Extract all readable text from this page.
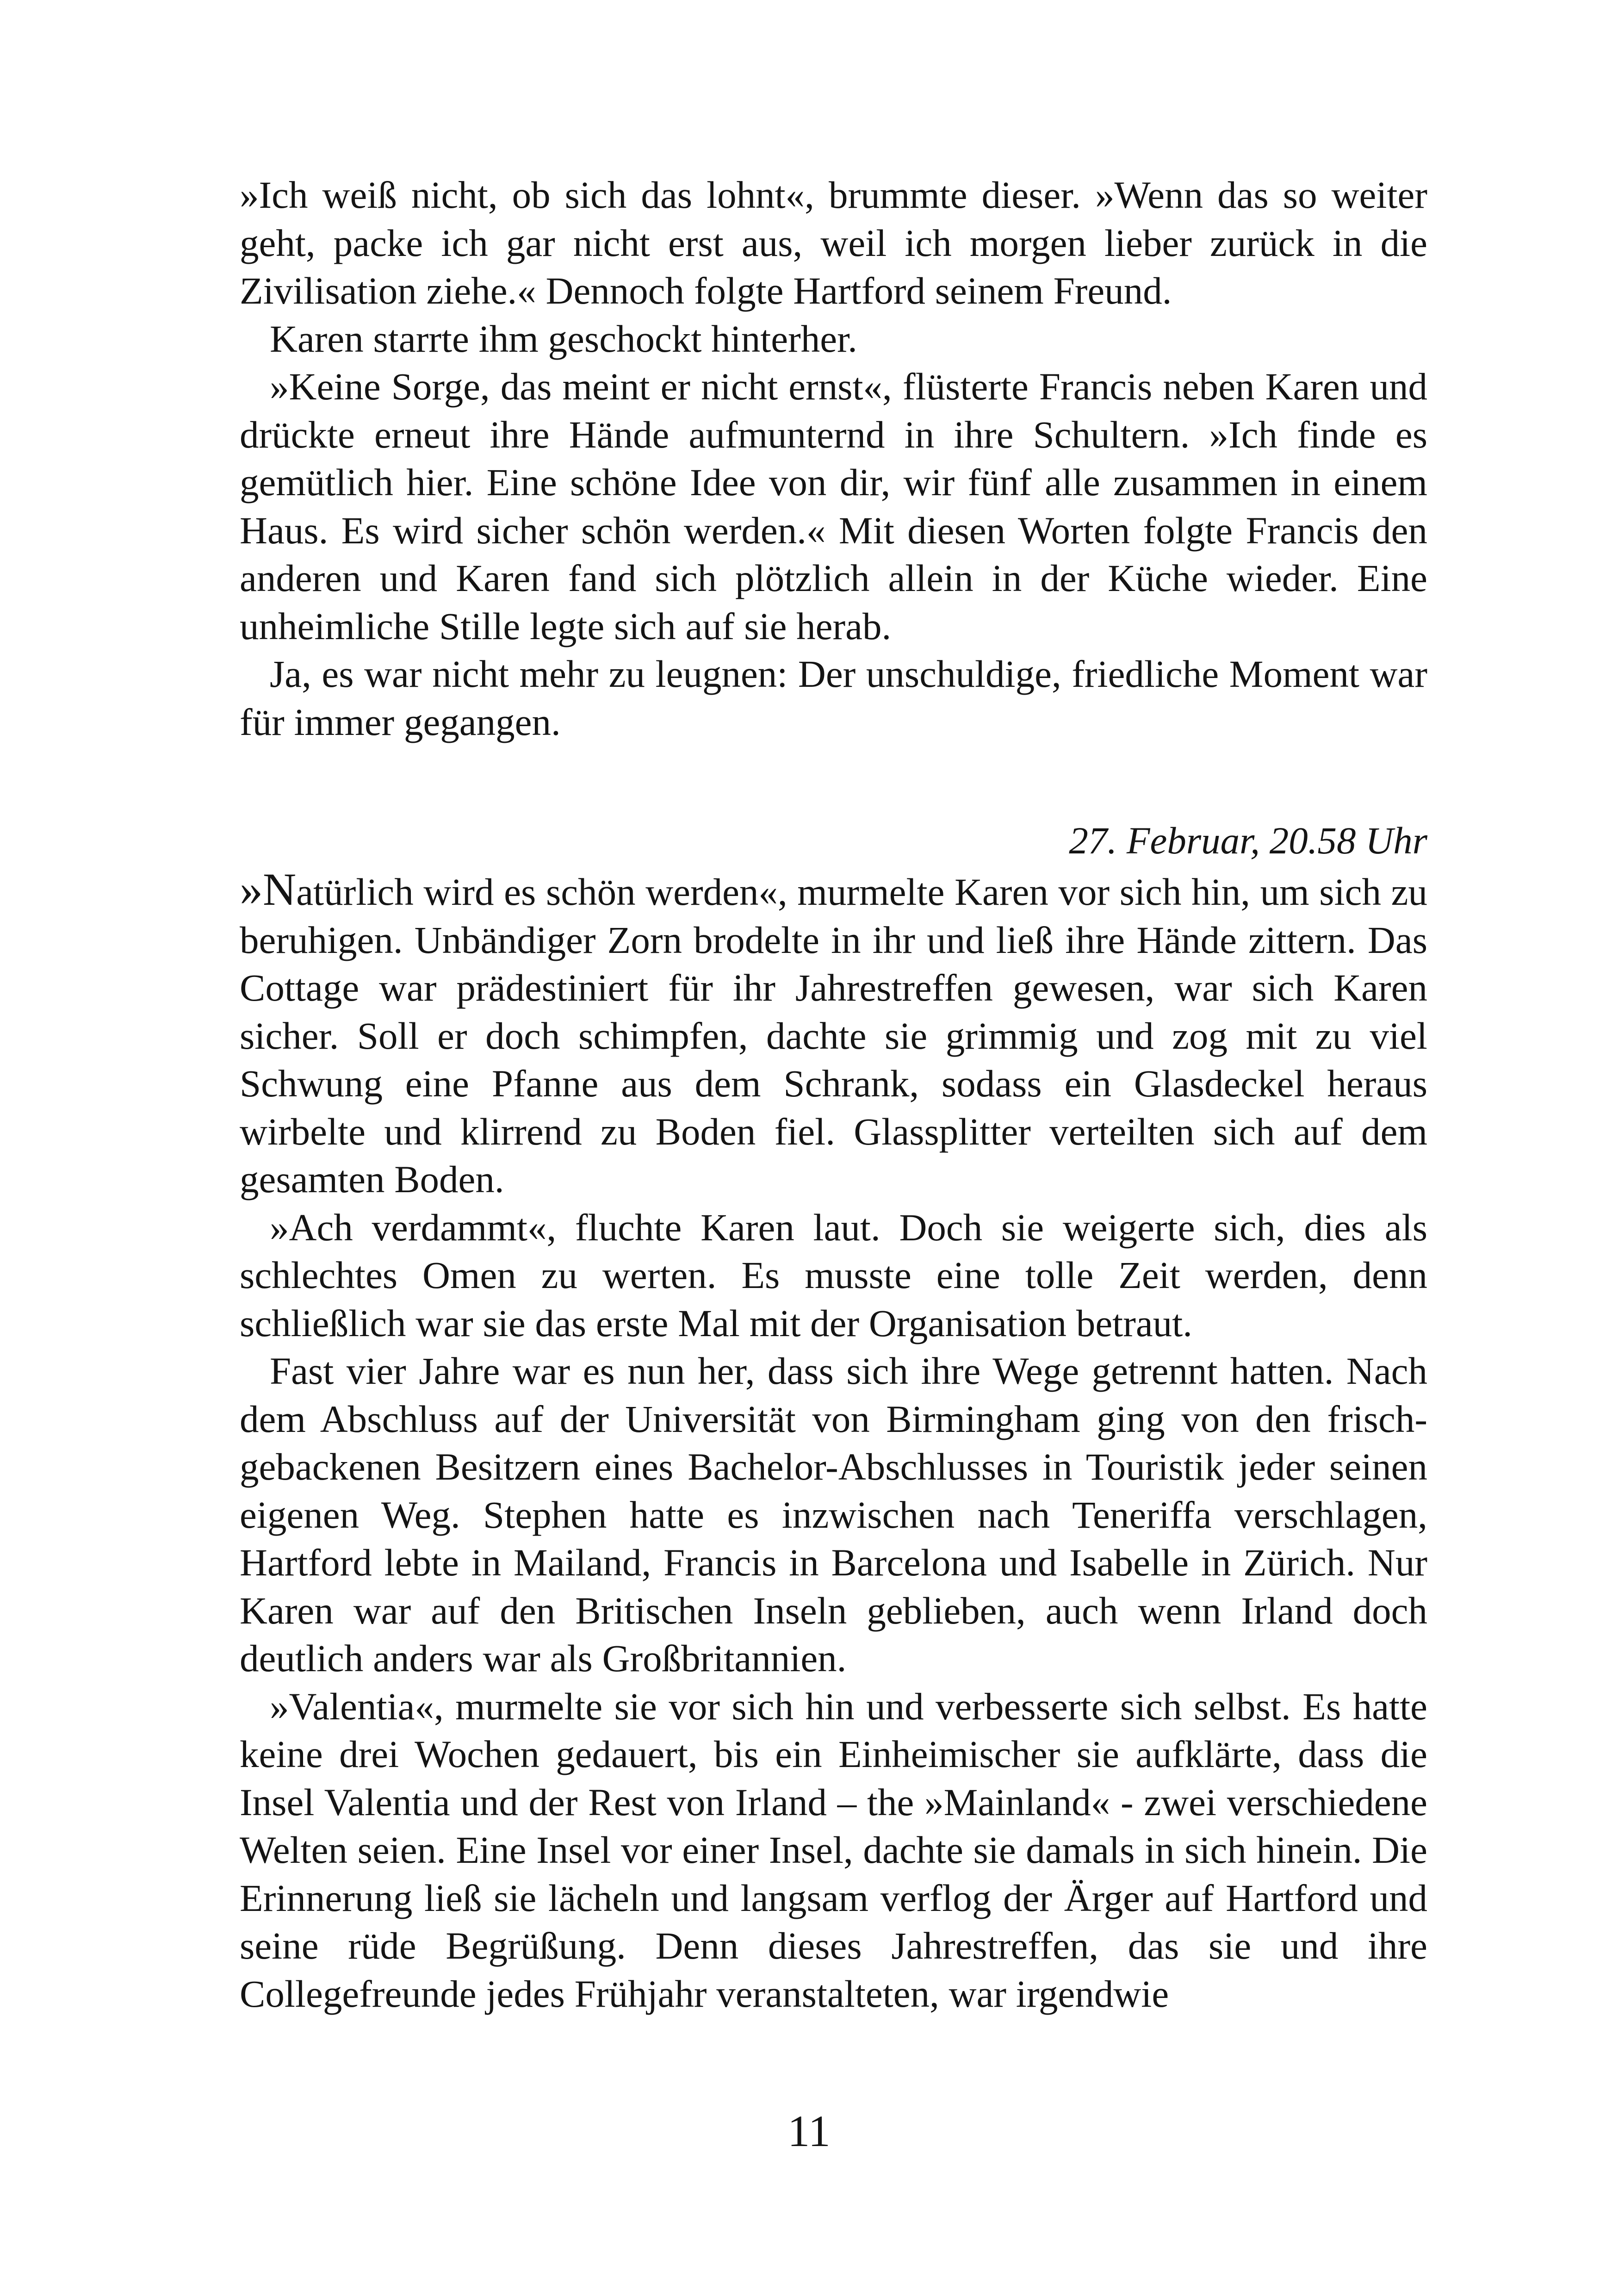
»Ich weiß nicht, ob sich das lohnt«, brummte dieser. »Wenn das so weiter geht, packe ich gar nicht erst aus, weil ich morgen lieber zurück in die Zivilisation ziehe.« Dennoch folgte Hartford seinem Freund.

Karen starrte ihm geschockt hinterher.

»Keine Sorge, das meint er nicht ernst«, flüsterte Francis neben Karen und drückte erneut ihre Hände aufmunternd in ihre Schultern. »Ich finde es gemütlich hier. Eine schöne Idee von dir, wir fünf alle zusammen in einem Haus. Es wird sicher schön werden.« Mit diesen Worten folgte Francis den anderen und Karen fand sich plötzlich allein in der Küche wieder. Eine unheimliche Stille legte sich auf sie herab.

Ja, es war nicht mehr zu leugnen: Der unschuldige, friedliche Moment war für immer gegangen.

27. Februar, 20.58 Uhr

»Natürlich wird es schön werden«, murmelte Karen vor sich hin, um sich zu beruhigen. Unbändiger Zorn brodelte in ihr und ließ ihre Hände zittern. Das Cottage war prädestiniert für ihr Jahrestreffen gewesen, war sich Karen sicher. Soll er doch schimpfen, dachte sie grimmig und zog mit zu viel Schwung eine Pfanne aus dem Schrank, sodass ein Glasdeckel heraus wirbelte und klirrend zu Boden fiel. Glassplitter verteilten sich auf dem gesamten Boden.

»Ach verdammt«, fluchte Karen laut. Doch sie weigerte sich, dies als schlechtes Omen zu werten. Es musste eine tolle Zeit werden, denn schließlich war sie das erste Mal mit der Organisation betraut.

Fast vier Jahre war es nun her, dass sich ihre Wege getrennt hatten. Nach dem Abschluss auf der Universität von Birmingham ging von den frischgebackenen Besitzern eines Bachelor-Abschlusses in Touristik jeder seinen eigenen Weg. Stephen hatte es inzwischen nach Teneriffa verschlagen, Hartford lebte in Mailand, Francis in Barcelona und Isabelle in Zürich. Nur Karen war auf den Britischen Inseln geblieben, auch wenn Irland doch deutlich anders war als Großbritannien.

»Valentia«, murmelte sie vor sich hin und verbesserte sich selbst. Es hatte keine drei Wochen gedauert, bis ein Einheimischer sie aufklärte, dass die Insel Valentia und der Rest von Irland – the »Mainland« - zwei verschiedene Welten seien. Eine Insel vor einer Insel, dachte sie damals in sich hinein. Die Erinnerung ließ sie lächeln und langsam verflog der Ärger auf Hartford und seine rüde Begrüßung. Denn dieses Jahrestreffen, das sie und ihre Collegefreunde jedes Frühjahr veranstalteten, war irgendwie

11
